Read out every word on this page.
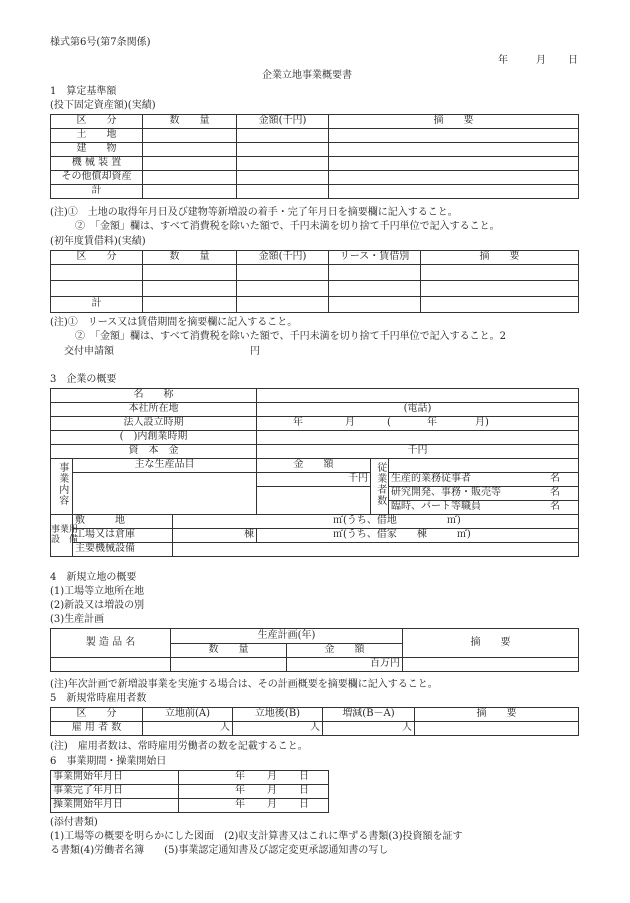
様式第6号(第7条関係)
年	月 日
企業立地事業概要書
1　算定基準額
(投下固定資産額)(実績)
区　　分	数　　量	金額(千円)	摘　　要
土　　地			
建　　物			
機 械 装 置			
その他償却資産			
計			
(注)①　土地の取得年月日及び建物等新増設の着手・完了年月日を摘要欄に記入すること。
②　「金額」欄は、すべて消費税を除いた額で、千円未満を切り捨て千円単位で記入すること。
(初年度賃借料)(実績)
区　　分	数　　量	金額(千円)	リース・賃借別	摘　　要

計				
(注)①　リース又は賃借期間を摘要欄に記入すること。
②　「金額」欄は、すべて消費税を除いた額で、千円未満を切り捨て千円単位で記入すること。2
交付申請額	円
3　企業の概要
名　　称					
本社所在地			(電話)		
法人設立時期			年 月 ( 年 月)		

(　)内創業時期					
資　本　金			千円		
事業内容	主な生産品目		金　　額	従業者数	
			千円		生産的業務従事者 名

					研究開発、事務・販売等 名

					臨時、パート等職員 名

事業用
設　備	敷　　　地	㎡(うち、借地　　　　　㎡)			
	工場又は倉庫	棟	㎡(うち、借家　　棟　　　㎡)		
	主要機械設備				
4　新規立地の概要
(1)工場等立地所在地
(2)新設又は増設の別
(3)生産計画
製 造 品 名	生産計画(年)		摘　　要
	数　　量	金　　額	
		百万円	
(注)年次計画で新増設事業を実施する場合は、その計画概要を摘要欄に記入すること。
5　新規常時雇用者数
区　　分	立地前(A)	立地後(B)	増減(B－A)	摘　　要
雇 用 者 数	人	人	人	
(注)　雇用者数は、常時雇用労働者の数を記載すること。
6　事業期間・操業開始日
事業開始年月日	年 月 日

事業完了年月日	年 月 日

操業開始年月日	年 月 日
(添付書類)
(1)工場等の概要を明らかにした図面　(2)収支計算書又はこれに準ずる書類(3)投資額を証す
る書類(4)労働者名簿　　(5)事業認定通知書及び認定変更承認通知書の写し
